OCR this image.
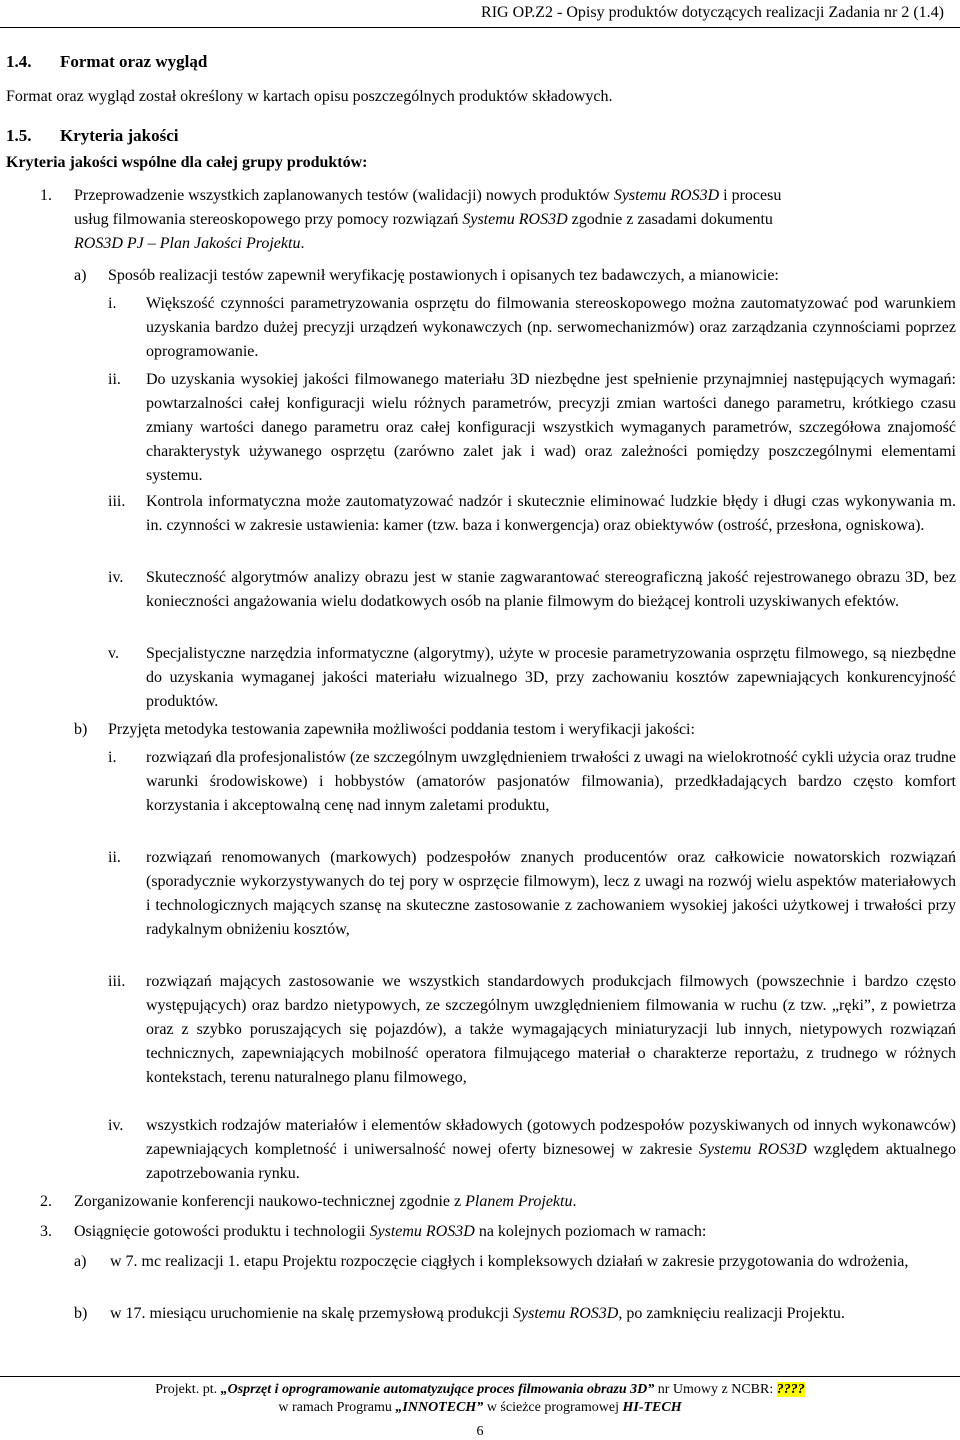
RIG OP.Z2 - Opisy produktów dotyczących realizacji Zadania nr 2 (1.4)
1.4. Format oraz wygląd
Format oraz wygląd został określony w kartach opisu poszczególnych produktów składowych.
1.5. Kryteria jakości
Kryteria jakości wspólne dla całej grupy produktów:
1. Przeprowadzenie wszystkich zaplanowanych testów (walidacji) nowych produktów Systemu ROS3D i procesu
usług filmowania stereoskopowego przy pomocy rozwiązań Systemu ROS3D zgodnie z zasadami dokumentu
ROS3D PJ – Plan Jakości Projektu.
a) Sposób realizacji testów zapewnił weryfikację postawionych i opisanych tez badawczych, a mianowicie:
i. Większość czynności parametryzowania osprzętu do filmowania stereoskopowego można zautomatyzować pod warunkiem uzyskania bardzo dużej precyzji urządzeń wykonawczych (np. serwomechanizmów) oraz zarządzania czynnościami poprzez oprogramowanie.
ii. Do uzyskania wysokiej jakości filmowanego materiału 3D niezbędne jest spełnienie przynajmniej następujących wymagań: powtarzalności całej konfiguracji wielu różnych parametrów, precyzji zmian wartości danego parametru, krótkiego czasu zmiany wartości danego parametru oraz całej konfiguracji wszystkich wymaganych parametrów, szczegółowa znajomość charakterystyk używanego osprzętu (zarówno zalet jak i wad) oraz zależności pomiędzy poszczególnymi elementami systemu.
iii. Kontrola informatyczna może zautomatyzować nadzór i skutecznie eliminować ludzkie błędy i długi czas wykonywania m. in. czynności w zakresie ustawienia: kamer (tzw. baza i konwergencja) oraz obiektywów (ostrość, przesłona, ogniskowa).
iv. Skuteczność algorytmów analizy obrazu jest w stanie zagwarantować stereograficzną jakość rejestrowanego obrazu 3D, bez konieczności angażowania wielu dodatkowych osób na planie filmowym do bieżącej kontroli uzyskiwanych efektów.
v. Specjalistyczne narzędzia informatyczne (algorytmy), użyte w procesie parametryzowania osprzętu filmowego, są niezbędne do uzyskania wymaganej jakości materiału wizualnego 3D, przy zachowaniu kosztów zapewniających konkurencyjność produktów.
b) Przyjęta metodyka testowania zapewniła możliwości poddania testom i weryfikacji jakości:
i. rozwiązań dla profesjonalistów (ze szczególnym uwzględnieniem trwałości z uwagi na wielokrotność cykli użycia oraz trudne warunki środowiskowe) i hobbystów (amatorów pasjonatów filmowania), przedkładających bardzo często komfort korzystania i akceptowalną cenę nad innym zaletami produktu,
ii. rozwiązań renomowanych (markowych) podzespołów znanych producentów oraz całkowicie nowatorskich rozwiązań (sporadycznie wykorzystywanych do tej pory w osprzęcie filmowym), lecz z uwagi na rozwój wielu aspektów materiałowych i technologicznych mających szansę na skuteczne zastosowanie z zachowaniem wysokiej jakości użytkowej i trwałości przy radykalnym obniżeniu kosztów,
iii. rozwiązań mających zastosowanie we wszystkich standardowych produkcjach filmowych (powszechnie i bardzo często występujących) oraz bardzo nietypowych, ze szczególnym uwzględnieniem filmowania w ruchu (z tzw. „ręki”, z powietrza oraz z szybko poruszających się pojazdów), a także wymagających miniaturyzacji lub innych, nietypowych rozwiązań technicznych, zapewniających mobilność operatora filmującego materiał o charakterze reportażu, z trudnego w różnych kontekstach, terenu naturalnego planu filmowego,
iv. wszystkich rodzajów materiałów i elementów składowych (gotowych podzespołów pozyskiwanych od innych wykonawców) zapewniających kompletność i uniwersalność nowej oferty biznesowej w zakresie Systemu ROS3D względem aktualnego zapotrzebowania rynku.
2. Zorganizowanie konferencji naukowo-technicznej zgodnie z Planem Projektu.
3. Osiągnięcie gotowości produktu i technologii Systemu ROS3D na kolejnych poziomach w ramach:
a) w 7. mc realizacji 1. etapu Projektu rozpoczęcie ciągłych i kompleksowych działań w zakresie przygotowania do wdrożenia,
b) w 17. miesiącu uruchomienie na skalę przemysłową produkcji Systemu ROS3D, po zamknięciu realizacji Projektu.
Projekt. pt. „Osprzęt i oprogramowanie automatyzujące proces filmowania obrazu 3D” nr Umowy z NCBR: ????
w ramach Programu „INNOTECH” w ścieżce programowej HI-TECH
6
